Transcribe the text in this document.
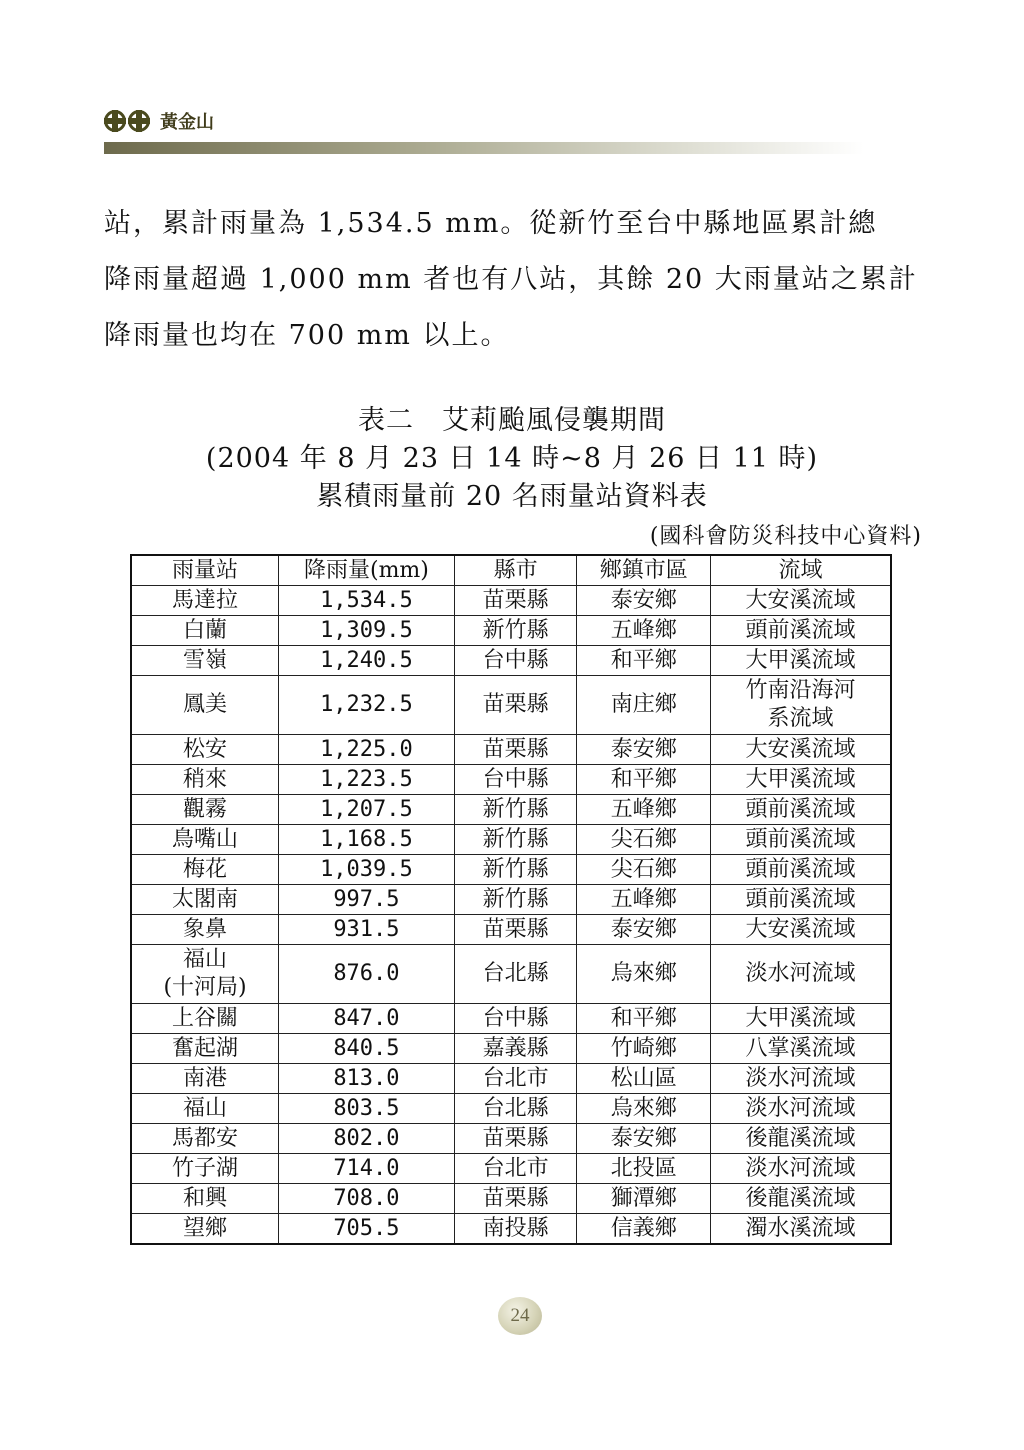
黃金山

站，累計雨量為 1,534.5 mm。從新竹至台中縣地區累計總

降雨量超過 1,000 mm 者也有八站，其餘 20 大雨量站之累計

降雨量也均在 700 mm 以上。

表二　艾莉颱風侵襲期間
(2004 年 8 月 23 日 14 時~8 月 26 日 11 時)
累積雨量前 20 名雨量站資料表
(國科會防災科技中心資料)
雨量站	降雨量(mm)	縣市	鄉鎮市區	流域
馬達拉	1,534.5	苗栗縣	泰安鄉	大安溪流域
白蘭	1,309.5	新竹縣	五峰鄉	頭前溪流域
雪嶺	1,240.5	台中縣	和平鄉	大甲溪流域
鳳美	1,232.5	苗栗縣	南庄鄉	竹南沿海河
系流域
松安	1,225.0	苗栗縣	泰安鄉	大安溪流域
稍來	1,223.5	台中縣	和平鄉	大甲溪流域
觀霧	1,207.5	新竹縣	五峰鄉	頭前溪流域
鳥嘴山	1,168.5	新竹縣	尖石鄉	頭前溪流域
梅花	1,039.5	新竹縣	尖石鄉	頭前溪流域
太閣南	997.5	新竹縣	五峰鄉	頭前溪流域
象鼻	931.5	苗栗縣	泰安鄉	大安溪流域
福山
(十河局)	876.0	台北縣	烏來鄉	淡水河流域
上谷關	847.0	台中縣	和平鄉	大甲溪流域
奮起湖	840.5	嘉義縣	竹崎鄉	八掌溪流域
南港	813.0	台北市	松山區	淡水河流域
福山	803.5	台北縣	烏來鄉	淡水河流域
馬都安	802.0	苗栗縣	泰安鄉	後龍溪流域
竹子湖	714.0	台北市	北投區	淡水河流域
和興	708.0	苗栗縣	獅潭鄉	後龍溪流域
望鄉	705.5	南投縣	信義鄉	濁水溪流域
24
